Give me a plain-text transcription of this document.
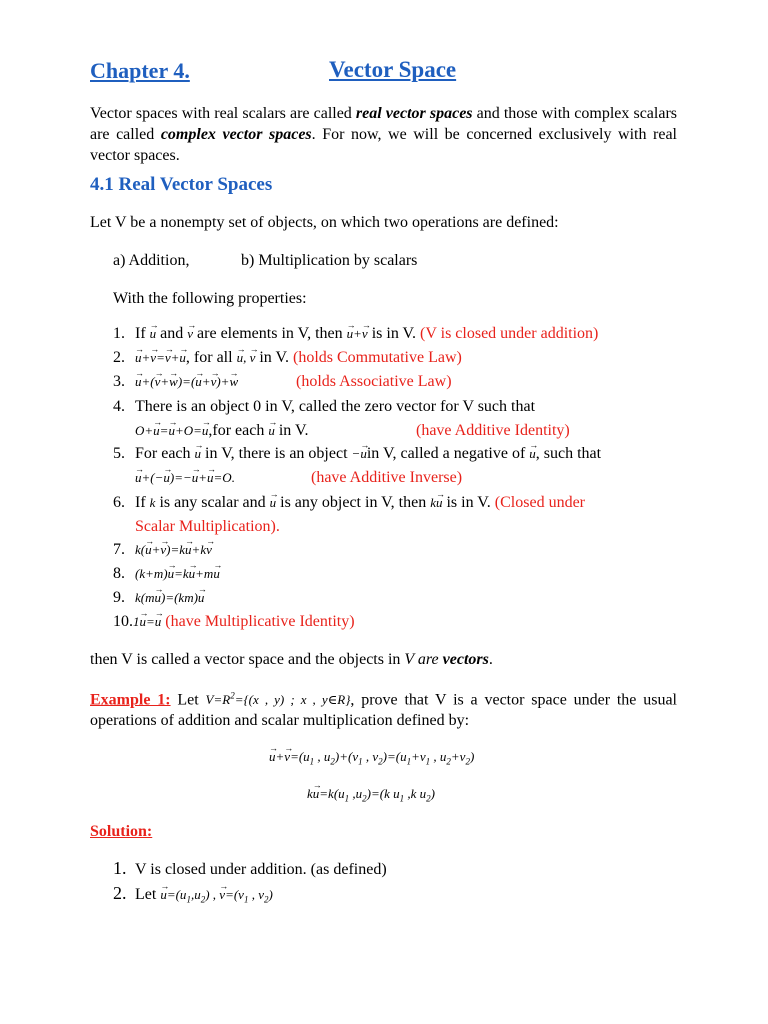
Chapter 4.	Vector Space
Vector spaces with real scalars are called real vector spaces and those with complex scalars are called complex vector spaces. For now, we will be concerned exclusively with real vector spaces.
4.1 Real Vector Spaces
Let V be a nonempty set of objects, on which two operations are defined:
a) Addition,	b) Multiplication by scalars
With the following properties:
1. If → u and → v are elements in V, then → u+→ v is in V. (V is closed under addition)
2. → u+→ v=→ v+→ u, for all → u, → v in V. (holds Commutative Law)
3. → u+(→ v+→ w)=(→ u+→ v)+→ w	(holds Associative Law)
4. There is an object 0 in V, called the zero vector for V such that
O+→ u=→ u+O=→ u,for each → u in V.	(have Additive Identity)
5. For each → u in V, there is an object −→ uin V, called a negative of → u, such that
→ u+(−→ u)=−→ u+→ u=O.	(have Additive Inverse)
6. If k is any scalar and → u is any object in V, then k→ u is in V. (Closed under
Scalar Multiplication).
7. k(→ u+→ v)=k→ u+k→ v
8. (k+m)→ u=k→ u+m→ u
9. k(m→ u)=(km)→ u
10.1→ u=→ u (have Multiplicative Identity)
then V is called a vector space and the objects in V are vectors.
Example 1: Let $V=R^2=\{(x$ , y) ; x , y∈R}, prove that V is a vector space under the usual operations of addition and scalar multiplication defined by:
→ $u+\to v=(u_1$ , $u_2)+(v_1$ , $v_2)=(u_1+v_1$ , $u_2+v_2$)
$k\to u=k(u_1$ $,u_2)=(k$ $u_1$ ,k $u_2$)
Solution:
1. V is closed under addition. (as defined)
2. Let → $u=(u_1,u_2)$ , → $v=(v_1$ , $v_2$)
